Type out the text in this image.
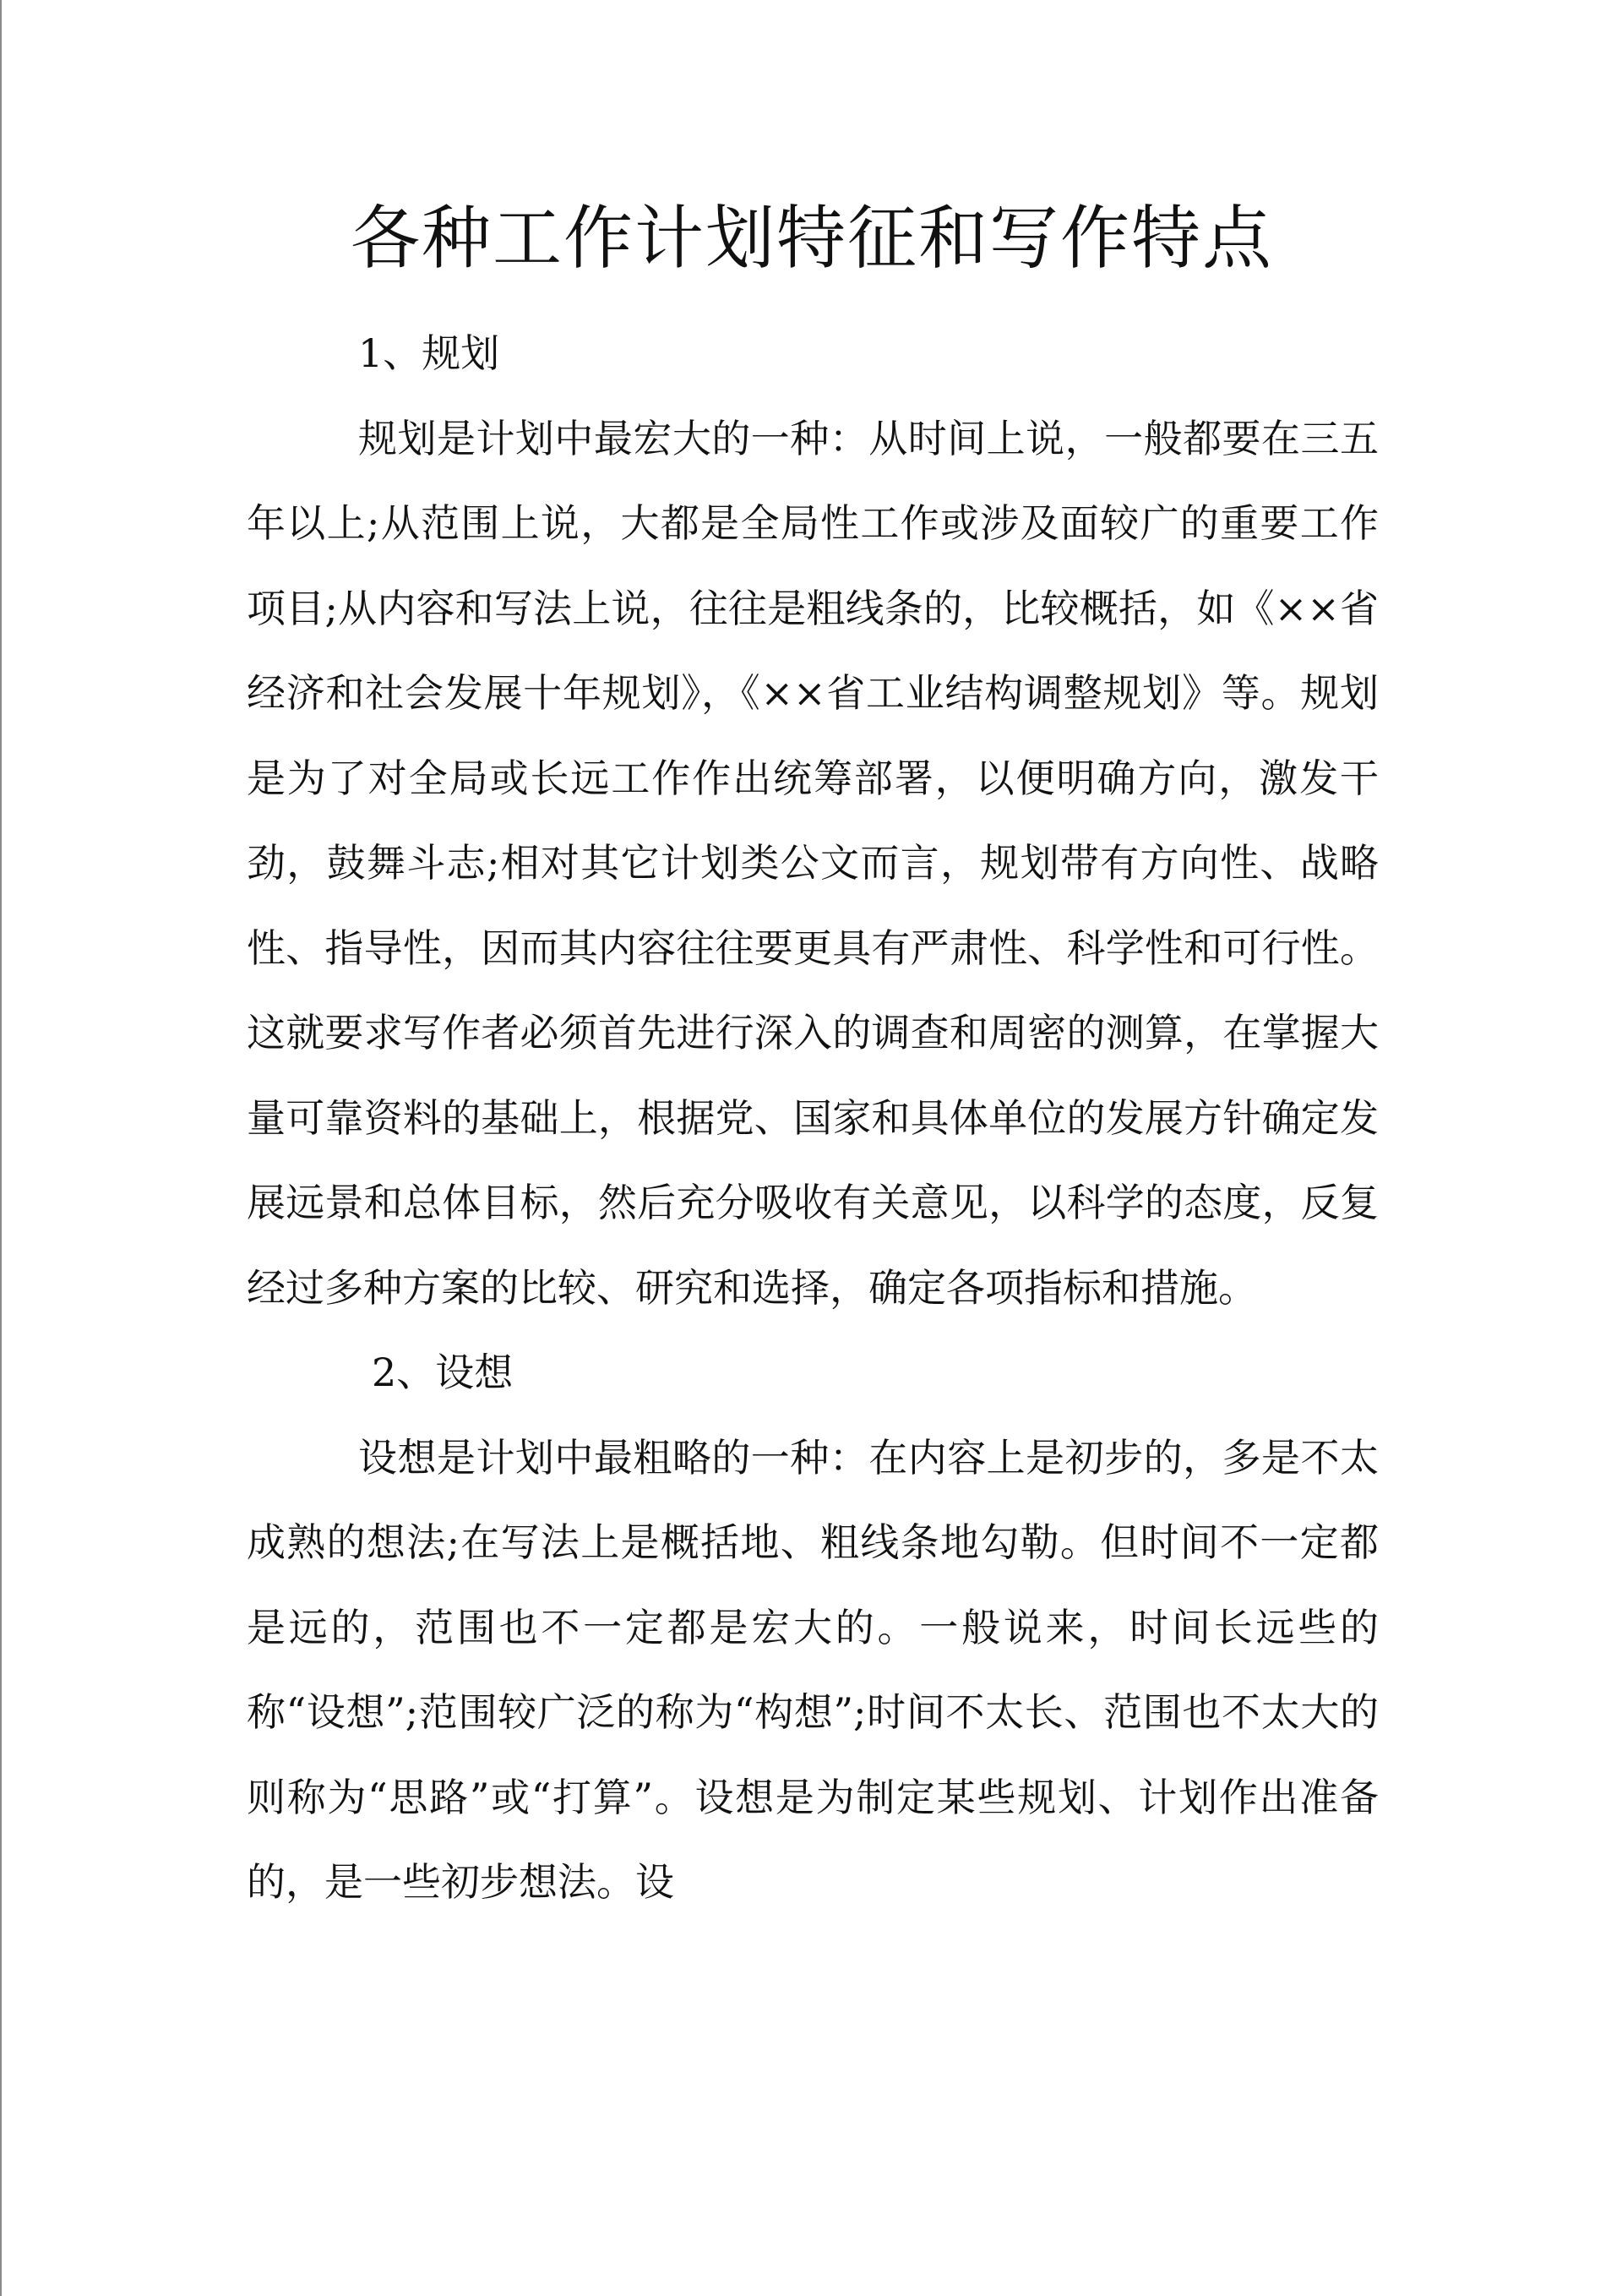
各种工作计划特征和写作特点
1、规划

规划是计划中最宏大的一种：从时间上说，一般都要在三五年以上;从范围上说，大都是全局性工作或涉及面较广的重要工作项目;从内容和写法上说，往往是粗线条的，比较概括，如《××省经济和社会发展十年规划》，《××省工业结构调整规划》等。规划是为了对全局或长远工作作出统筹部署，以便明确方向，激发干劲，鼓舞斗志;相对其它计划类公文而言，规划带有方向性、战略性、指导性，因而其内容往往要更具有严肃性、科学性和可行性。这就要求写作者必须首先进行深入的调查和周密的测算，在掌握大量可靠资料的基础上，根据党、国家和具体单位的发展方针确定发展远景和总体目标，然后充分吸收有关意见，以科学的态度，反复经过多种方案的比较、研究和选择，确定各项指标和措施。

2、设想

设想是计划中最粗略的一种：在内容上是初步的，多是不太成熟的想法;在写法上是概括地、粗线条地勾勒。但时间不一定都是远的，范围也不一定都是宏大的。一般说来，时间长远些的称“设想”;范围较广泛的称为“构想”;时间不太长、范围也不太大的则称为“思路”或“打算”。设想是为制定某些规划、计划作出准备的，是一些初步想法。设
